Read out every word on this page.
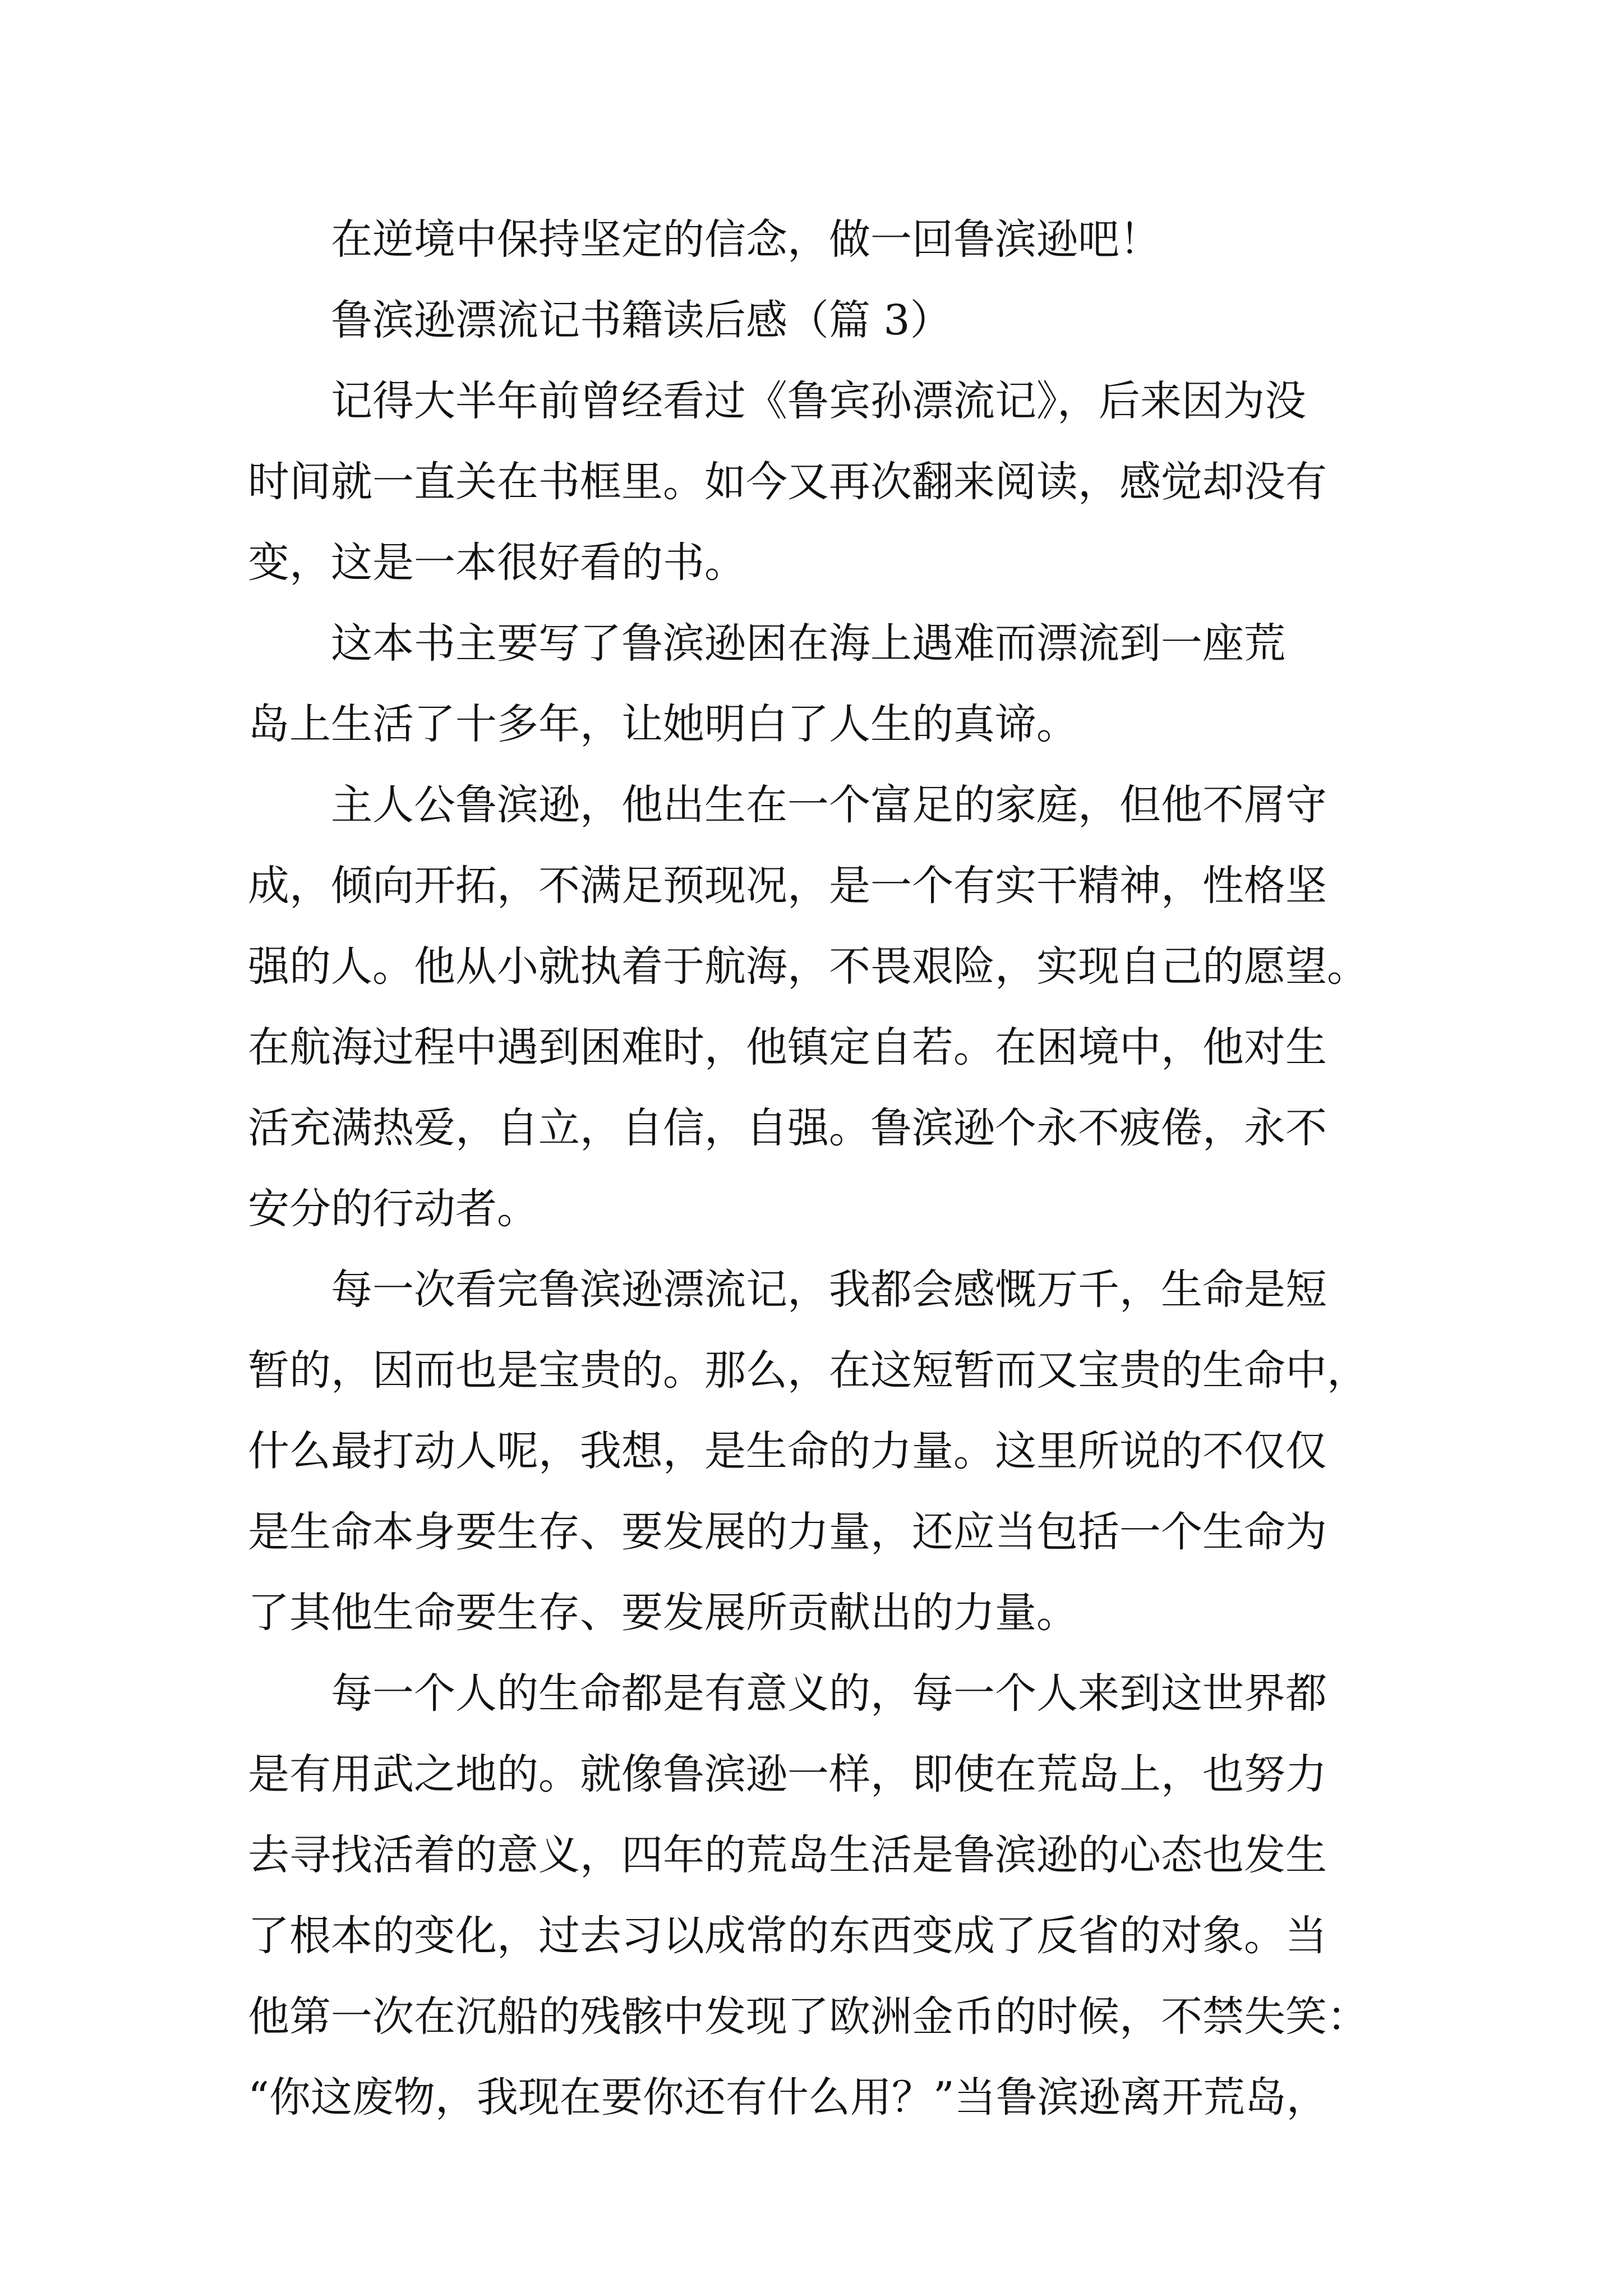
在逆境中保持坚定的信念，做一回鲁滨逊吧！
鲁滨逊漂流记书籍读后感（篇 3）
记得大半年前曾经看过《鲁宾孙漂流记》，后来因为没
时间就一直关在书框里。如今又再次翻来阅读，感觉却没有
变，这是一本很好看的书。
这本书主要写了鲁滨逊困在海上遇难而漂流到一座荒
岛上生活了十多年，让她明白了人生的真谛。
主人公鲁滨逊，他出生在一个富足的家庭，但他不屑守
成，倾向开拓，不满足预现况，是一个有实干精神，性格坚
强的人。他从小就执着于航海，不畏艰险，实现自己的愿望。
在航海过程中遇到困难时，他镇定自若。在困境中，他对生
活充满热爱，自立，自信，自强。鲁滨逊个永不疲倦，永不
安分的行动者。
每一次看完鲁滨逊漂流记，我都会感慨万千，生命是短
暂的，因而也是宝贵的。那么，在这短暂而又宝贵的生命中，
什么最打动人呢，我想，是生命的力量。这里所说的不仅仅
是生命本身要生存、要发展的力量，还应当包括一个生命为
了其他生命要生存、要发展所贡献出的力量。
每一个人的生命都是有意义的，每一个人来到这世界都
是有用武之地的。就像鲁滨逊一样，即使在荒岛上，也努力
去寻找活着的意义，四年的荒岛生活是鲁滨逊的心态也发生
了根本的变化，过去习以成常的东西变成了反省的对象。当
他第一次在沉船的残骸中发现了欧洲金币的时候，不禁失笑：
“你这废物，我现在要你还有什么用？”当鲁滨逊离开荒岛，
